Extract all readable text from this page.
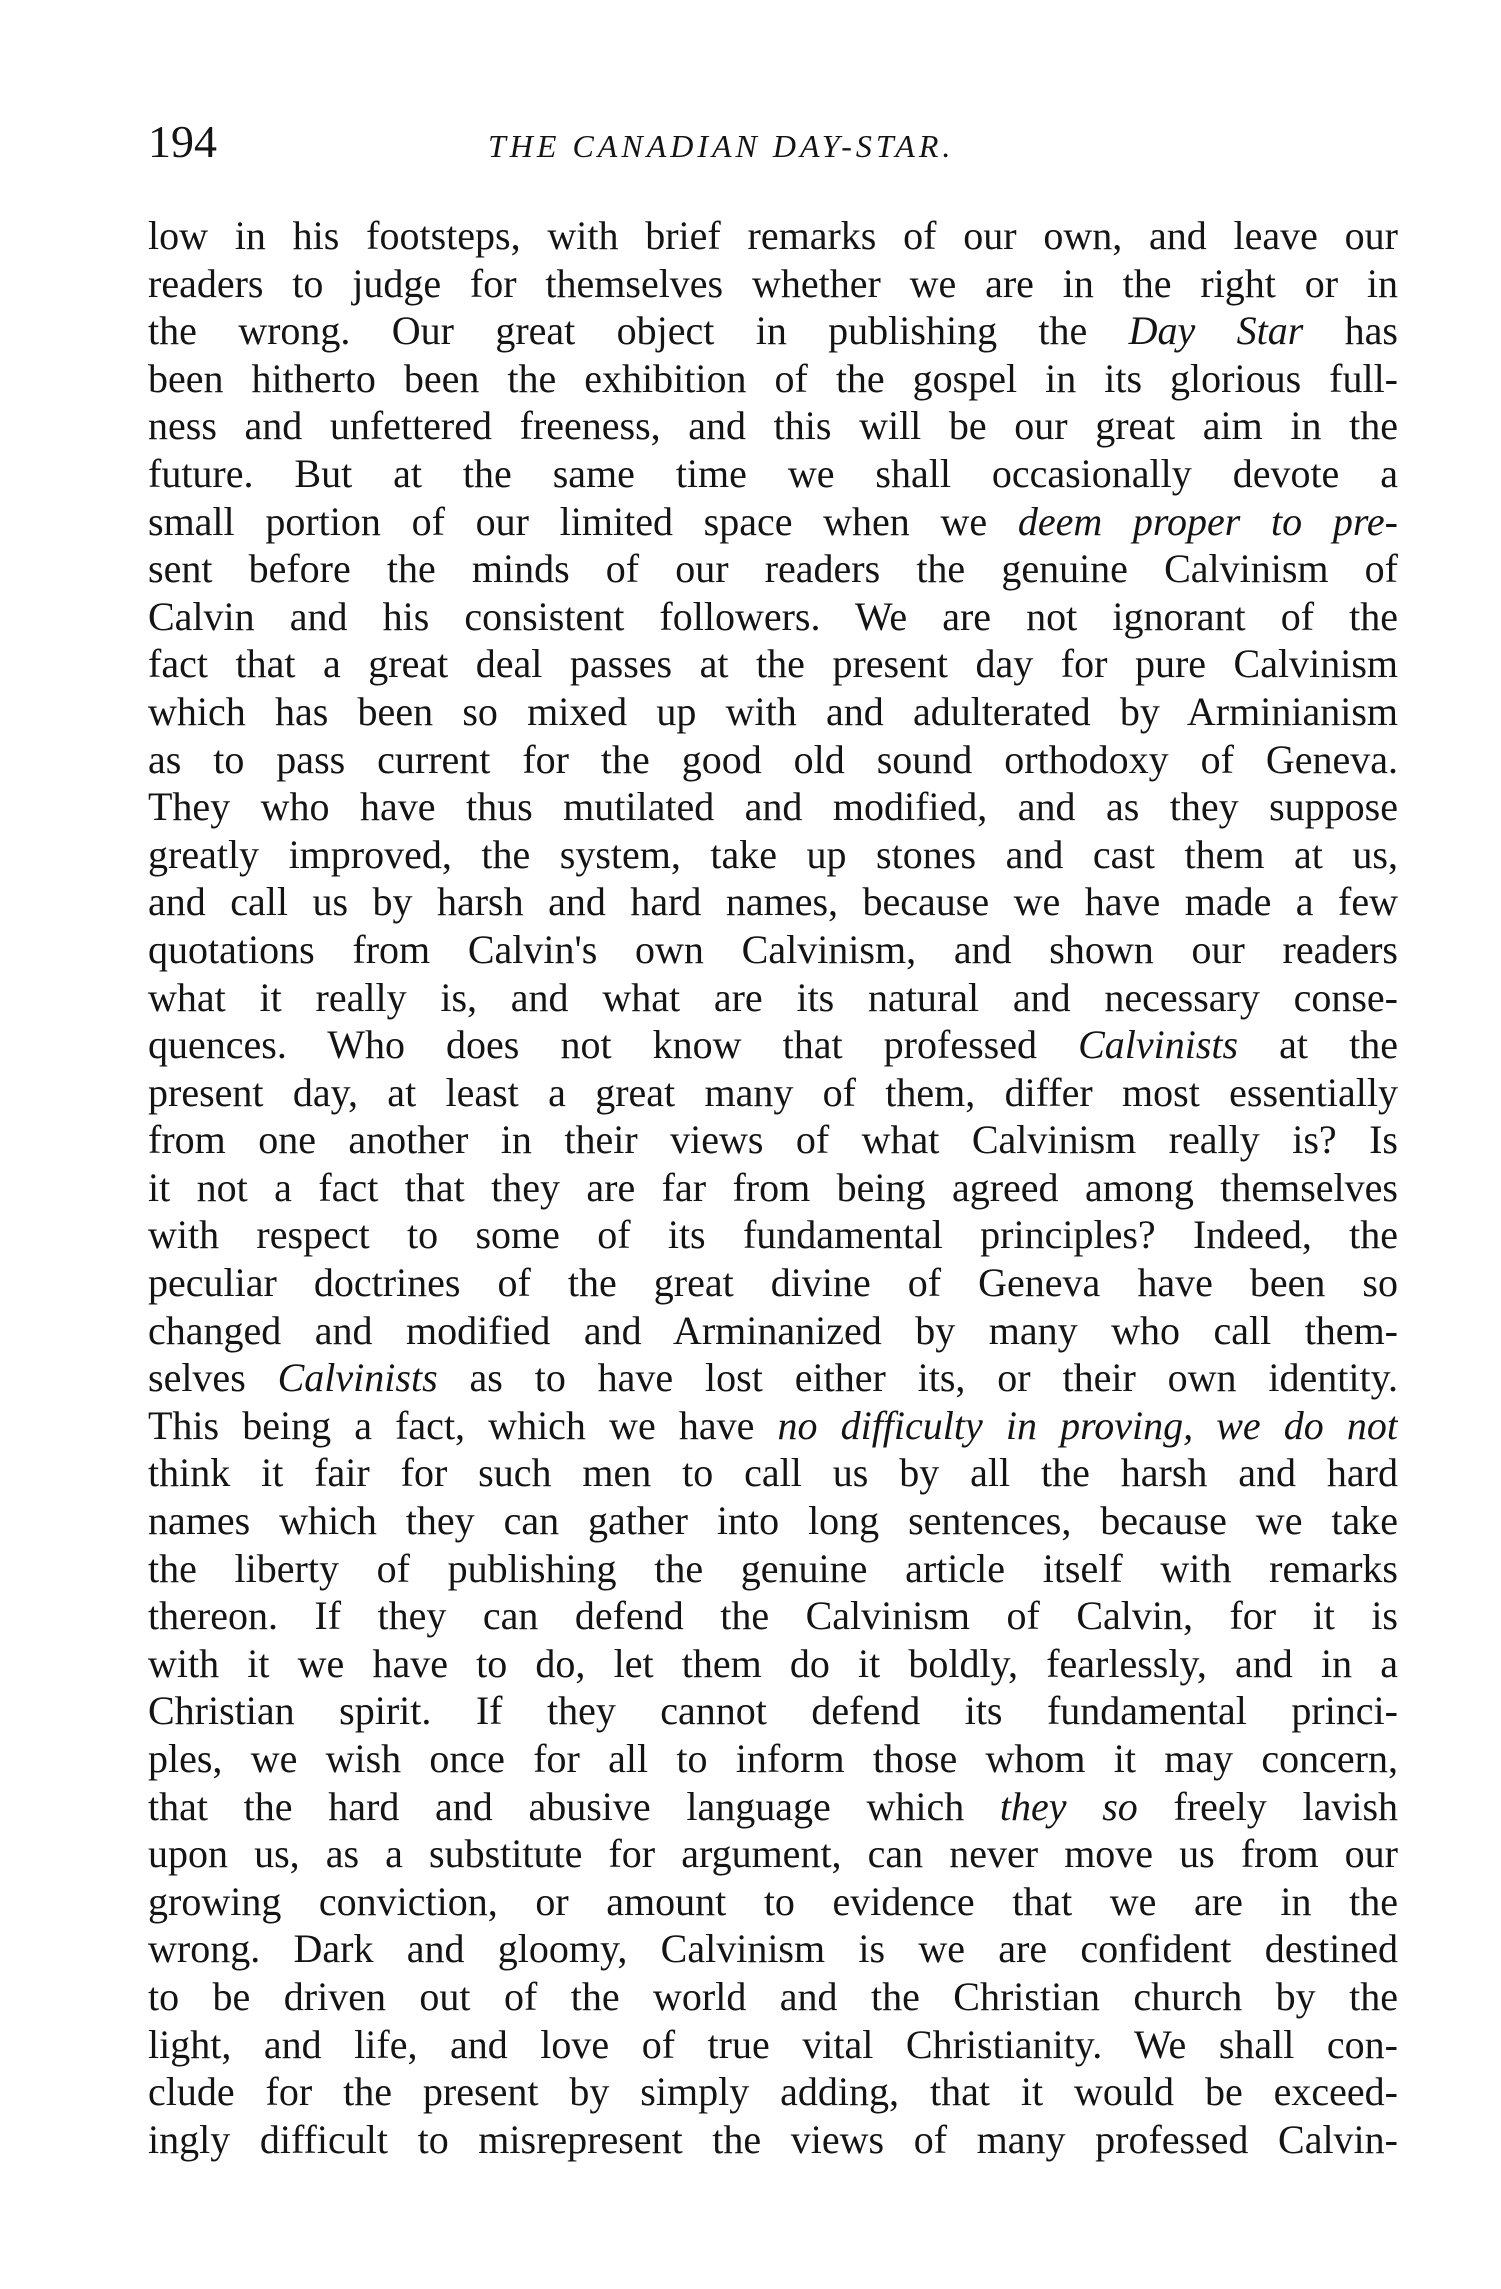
194	THE CANADIAN DAY-STAR.
low in his footsteps, with brief remarks of our own, and leave our
readers to judge for themselves whether we are in the right or in
the wrong. Our great object in publishing the Day Star has
been hitherto been the exhibition of the gospel in its glorious full-
ness and unfettered freeness, and this will be our great aim in the
future. But at the same time we shall occasionally devote a
small portion of our limited space when we deem proper to pre-
sent before the minds of our readers the genuine Calvinism of
Calvin and his consistent followers. We are not ignorant of the
fact that a great deal passes at the present day for pure Calvinism
which has been so mixed up with and adulterated by Arminianism
as to pass current for the good old sound orthodoxy of Geneva.
They who have thus mutilated and modified, and as they suppose
greatly improved, the system, take up stones and cast them at us,
and call us by harsh and hard names, because we have made a few
quotations from Calvin's own Calvinism, and shown our readers
what it really is, and what are its natural and necessary conse-
quences. Who does not know that professed Calvinists at the
present day, at least a great many of them, differ most essentially
from one another in their views of what Calvinism really is? Is
it not a fact that they are far from being agreed among themselves
with respect to some of its fundamental principles? Indeed, the
peculiar doctrines of the great divine of Geneva have been so
changed and modified and Arminanized by many who call them-
selves Calvinists as to have lost either its, or their own identity.
This being a fact, which we have no difficulty in proving, we do not
think it fair for such men to call us by all the harsh and hard
names which they can gather into long sentences, because we take
the liberty of publishing the genuine article itself with remarks
thereon. If they can defend the Calvinism of Calvin, for it is
with it we have to do, let them do it boldly, fearlessly, and in a
Christian spirit. If they cannot defend its fundamental princi-
ples, we wish once for all to inform those whom it may concern,
that the hard and abusive language which they so freely lavish
upon us, as a substitute for argument, can never move us from our
growing conviction, or amount to evidence that we are in the
wrong. Dark and gloomy, Calvinism is we are confident destined
to be driven out of the world and the Christian church by the
light, and life, and love of true vital Christianity. We shall con-
clude for the present by simply adding, that it would be exceed-
ingly difficult to misrepresent the views of many professed Calvin-
